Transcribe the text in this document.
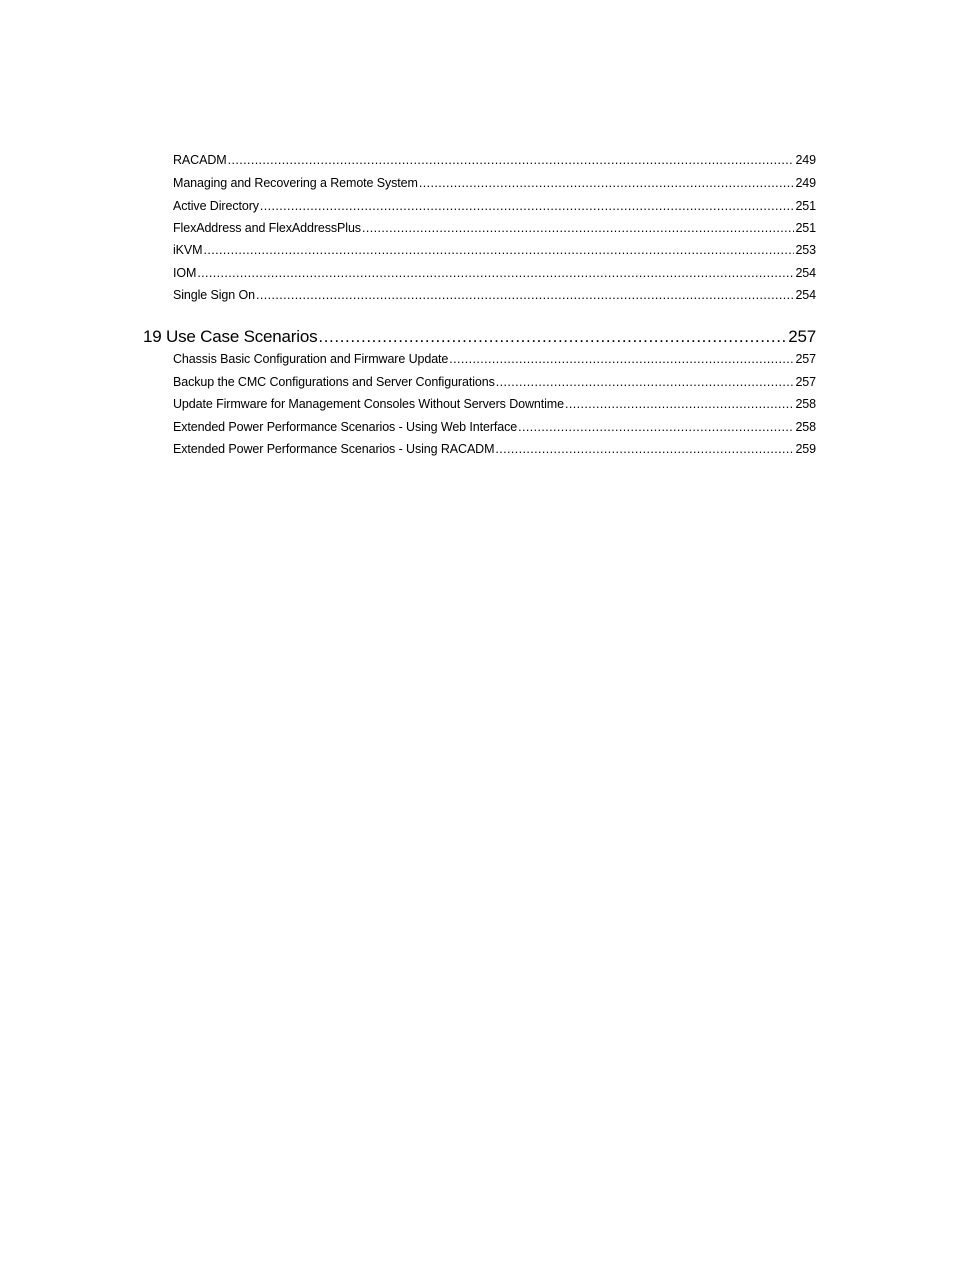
RACADM .....	249
Managing and Recovering a Remote System .....	249
Active Directory .....	251
FlexAddress and FlexAddressPlus .....	251
iKVM .....	253
IOM .....	254
Single Sign On .....	254
19 Use Case Scenarios .....	257
Chassis Basic Configuration and Firmware Update .....	257
Backup the CMC Configurations and Server Configurations .....	257
Update Firmware for Management Consoles Without Servers Downtime .....	258
Extended Power Performance Scenarios - Using Web Interface .....	258
Extended Power Performance Scenarios - Using RACADM .....	259
